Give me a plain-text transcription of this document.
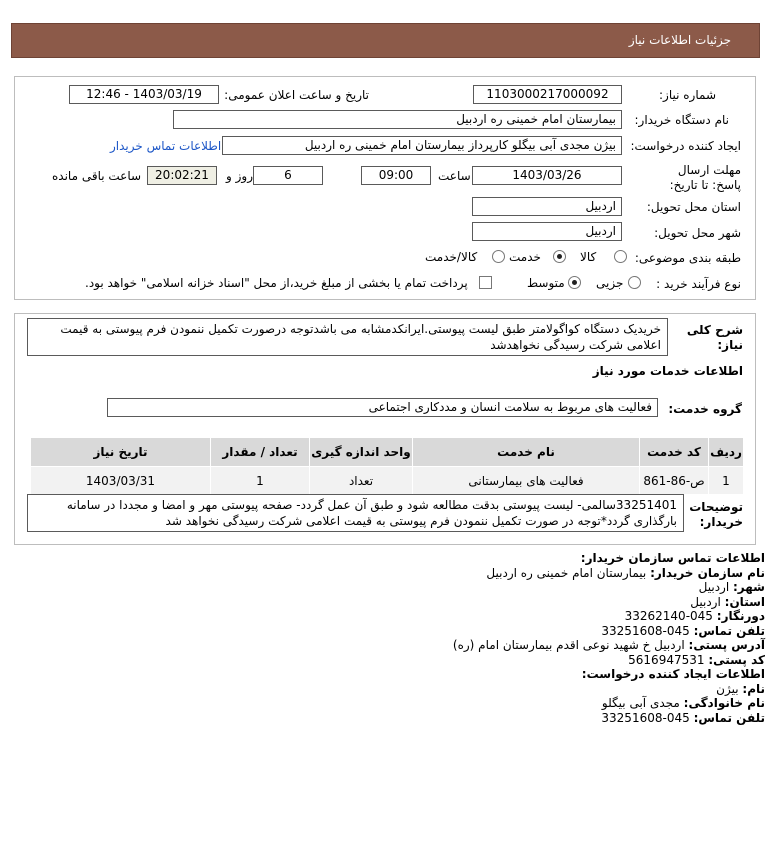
جزئیات اطلاعات نیاز
شماره نیاز:
1103000217000092
تاریخ و ساعت اعلان عمومی:
1403/03/19 - 12:46
نام دستگاه خریدار:
بیمارستان امام خمینی ره اردبیل
ایجاد کننده درخواست:
بیژن مجدی آبی بیگلو کارپرداز بیمارستان امام خمینی ره اردبیل
اطلاعات تماس خریدار
مهلت ارسال پاسخ: تا تاریخ:
1403/03/26
ساعت
09:00
6
روز و
20:02:21
ساعت باقی مانده
استان محل تحویل:
اردبیل
شهر محل تحویل:
اردبیل
طبقه بندی موضوعی:
کالا
خدمت
کالا/خدمت
نوع فرآیند خرید :
جزیی
متوسط
پرداخت تمام یا بخشی از مبلغ خرید،از محل "اسناد خزانه اسلامی" خواهد بود.
شرح کلی نیاز:
خریدیک دستگاه کواگولامتر طبق لیست پیوستی.ایرانکدمشابه می باشدتوجه درصورت تکمیل ننمودن فرم پیوستی به قیمت اعلامی شرکت رسیدگی نخواهدشد
اطلاعات خدمات مورد نیاز
گروه خدمت:
فعالیت های مربوط به سلامت انسان و مددکاری اجتماعی
ردیف	کد خدمت	نام خدمت	واحد اندازه گیری	تعداد / مقدار	تاریخ نیاز
1	ص-86-861	فعالیت های بیمارستانی	تعداد	1	1403/03/31
توضیحات خریدار:
33251401سالمی- لیست پیوستی بدقت مطالعه شود و طبق آن عمل گردد- صفحه پیوستی مهر و امضا و مجددا در سامانه بارگذاری گردد*توجه در صورت تکمیل ننمودن فرم پیوستی به قیمت اعلامی شرکت رسیدگی نخواهد شد
اطلاعات تماس سازمان خریدار:
نام سازمان خریدار: بیمارستان امام خمینی ره اردبیل
شهر: اردبیل
استان: اردبیل
دورنگار: 045-33262140
تلفن تماس: 045-33251608
آدرس پستی: اردبیل خ شهید نوعی اقدم بیمارستان امام (ره)
کد پستی: 5616947531
اطلاعات ایجاد کننده درخواست:
نام: بیژن
نام خانوادگی: مجدی آبی بیگلو
تلفن تماس: 045-33251608
